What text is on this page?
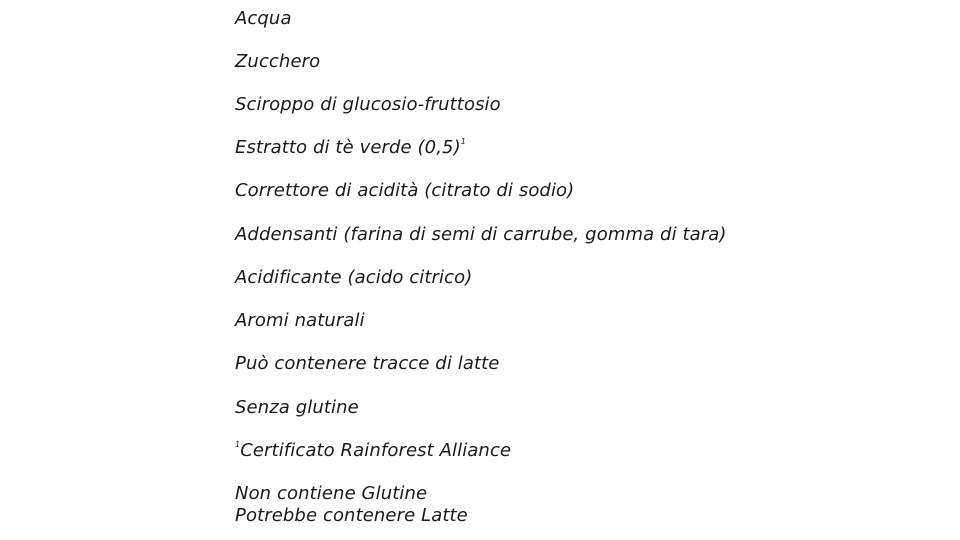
Acqua
Zucchero
Sciroppo di glucosio-fruttosio
Estratto di tè verde $(0,5)^1$
Correttore di acidità (citrato di sodio)
Addensanti (farina di semi di carrube, gomma di tara)
Acidificante (acido citrico)
Aromi naturali
Può contenere tracce di latte
Senza glutine
$^1$Certificato Rainforest Alliance
Non contiene Glutine
Potrebbe contenere Latte
